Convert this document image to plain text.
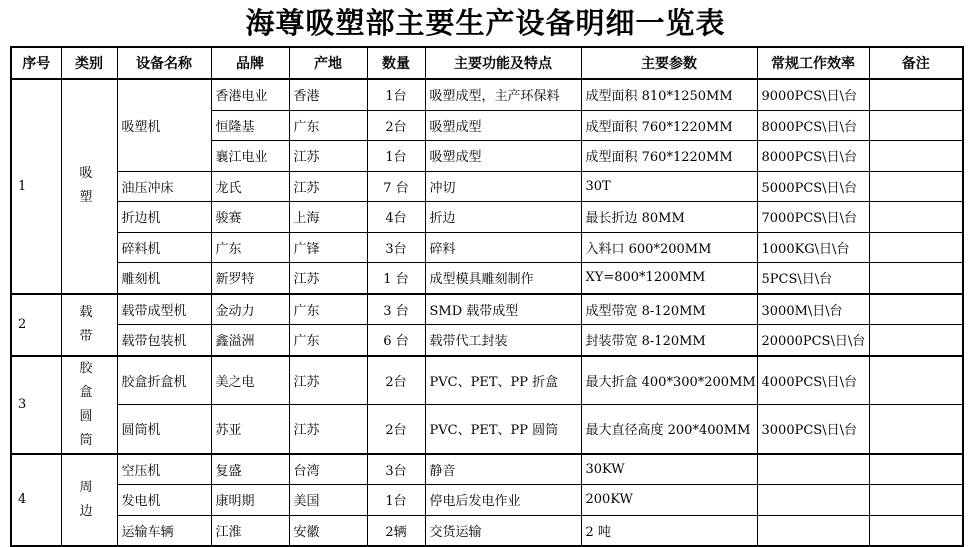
海尊吸塑部主要生产设备明细一览表
序号	类别	设备名称	品牌	产地	数量	主要功能及特点	主要参数	常规工作效率	备注
1	吸 塑	吸塑机	香港电业	香港	1台	吸塑成型，主产环保料	成型面积 810*1250MM	9000PCS\日\台	
			恒隆基	广东	2台	吸塑成型	成型面积 760*1220MM	8000PCS\日\台	
			襄江电业	江苏	1台	吸塑成型	成型面积 760*1220MM	8000PCS\日\台	
		油压冲床	龙氏	江苏	7 台	冲切	30T	5000PCS\日\台	
		折边机	骏赛	上海	4台	折边	最长折边 80MM	7000PCS\日\台	
		碎料机	广东	广锋	3台	碎料	入料口 600*200MM	1000KG\日\台	
		雕刻机	新罗特	江苏	1 台	成型模具雕刻制作	XY=800*1200MM	5PCS\日\台	
2	载 带	载带成型机	金动力	广东	3 台	SMD 载带成型	成型带宽 8-120MM	3000M\日\台	
		载带包装机	鑫溢洲	广东	6 台	载带代工封装	封装带宽 8-120MM	20000PCS\日\台	
3	胶 盒 圆 筒	胶盒折盒机	美之电	江苏	2台	PVC、PET、PP 折盒	最大折盒 400*300*200MM	4000PCS\日\台	
		圆筒机	苏亚	江苏	2台	PVC、PET、PP 圆筒	最大直径高度 200*400MM	3000PCS\日\台	
4	周 边	空压机	复盛	台湾	3台	静音	30KW		
		发电机	康明期	美国	1台	停电后发电作业	200KW		
		运输车辆	江淮	安徽	2辆	交货运输	2 吨		
